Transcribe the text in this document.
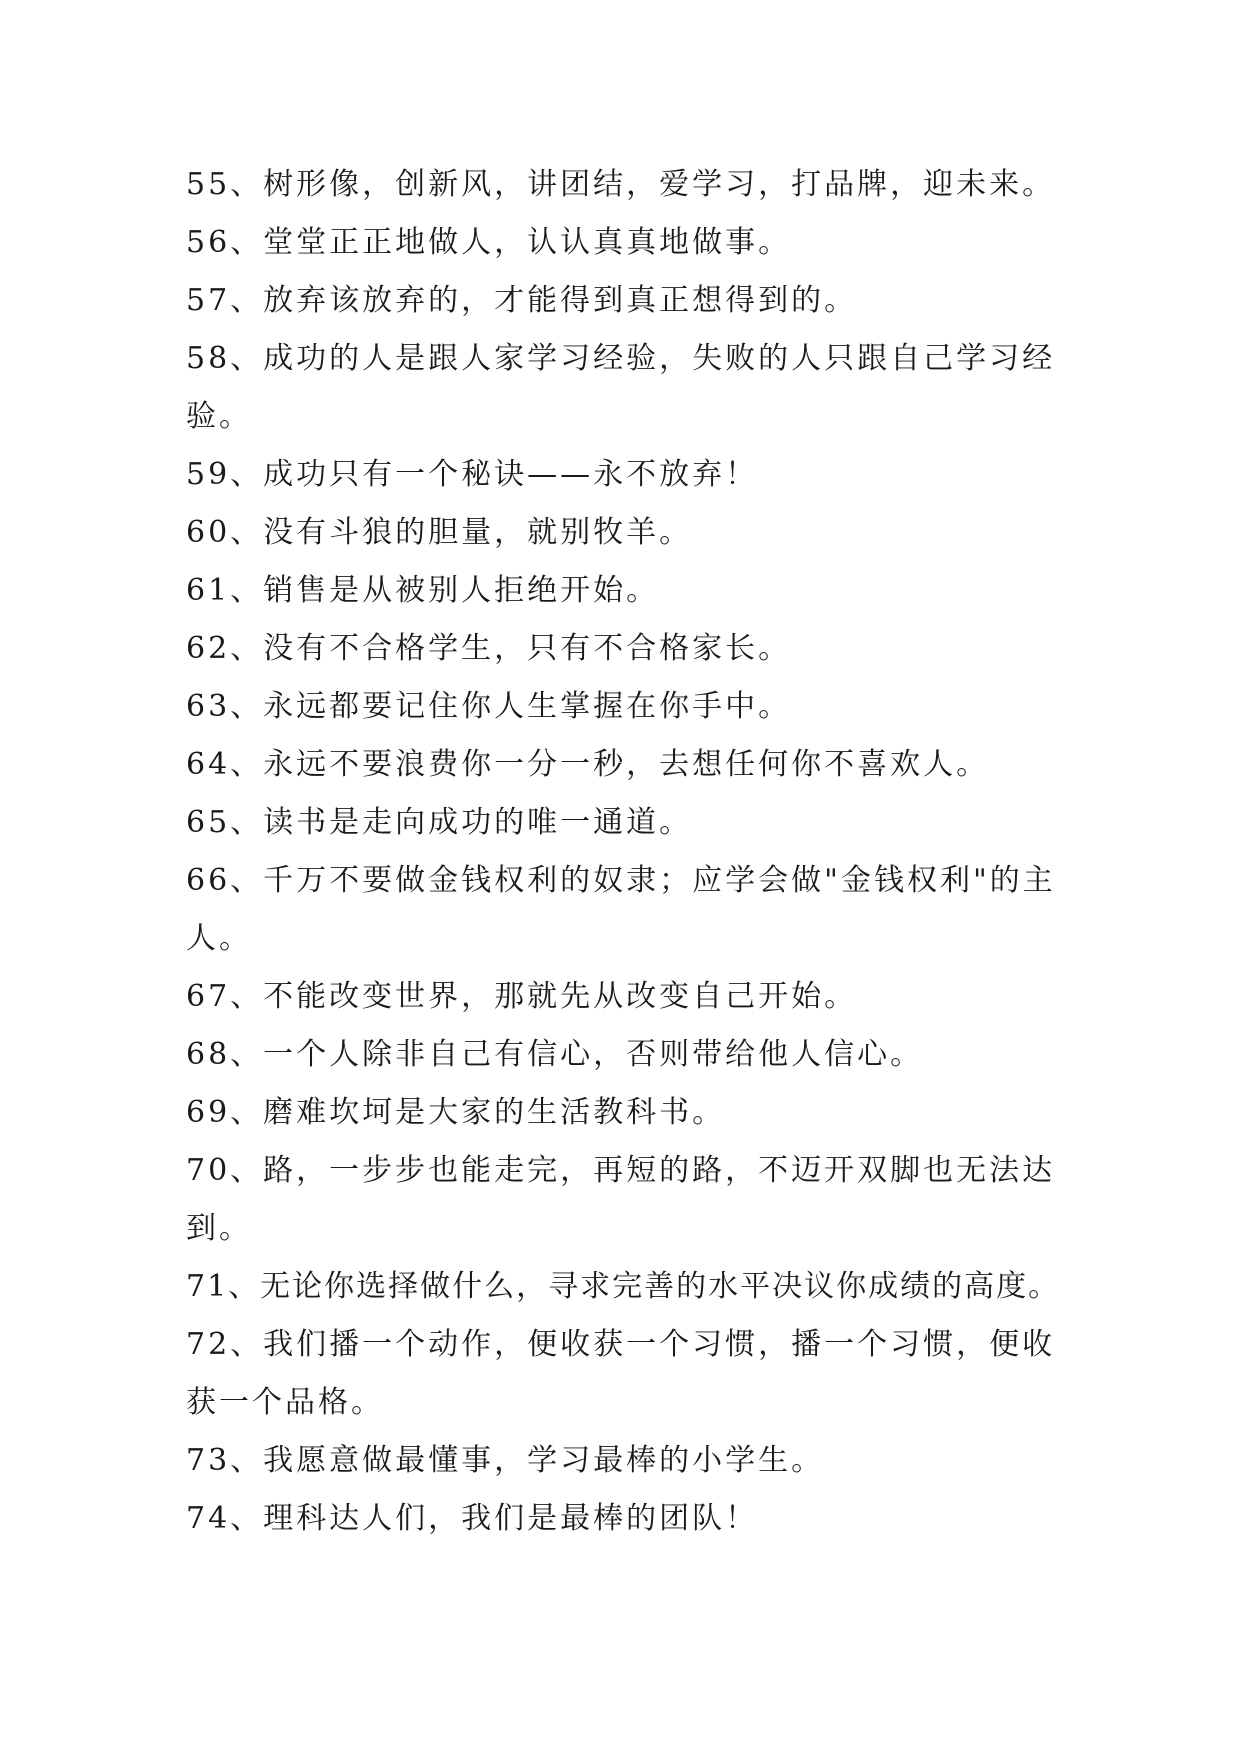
55、树形像，创新风，讲团结，爱学习，打品牌，迎未来。
56、堂堂正正地做人，认认真真地做事。
57、放弃该放弃的，才能得到真正想得到的。
58、成功的人是跟人家学习经验，失败的人只跟自己学习经
验。
59、成功只有一个秘诀——永不放弃！
60、没有斗狼的胆量，就别牧羊。
61、销售是从被别人拒绝开始。
62、没有不合格学生，只有不合格家长。
63、永远都要记住你人生掌握在你手中。
64、永远不要浪费你一分一秒，去想任何你不喜欢人。
65、读书是走向成功的唯一通道。
66、千万不要做金钱权利的奴隶；应学会做"金钱权利"的主
人。
67、不能改变世界，那就先从改变自己开始。
68、一个人除非自己有信心，否则带给他人信心。
69、磨难坎坷是大家的生活教科书。
70、路，一步步也能走完，再短的路，不迈开双脚也无法达
到。
71、无论你选择做什么，寻求完善的水平决议你成绩的高度。
72、我们播一个动作，便收获一个习惯，播一个习惯，便收
获一个品格。
73、我愿意做最懂事，学习最棒的小学生。
74、理科达人们，我们是最棒的团队！
